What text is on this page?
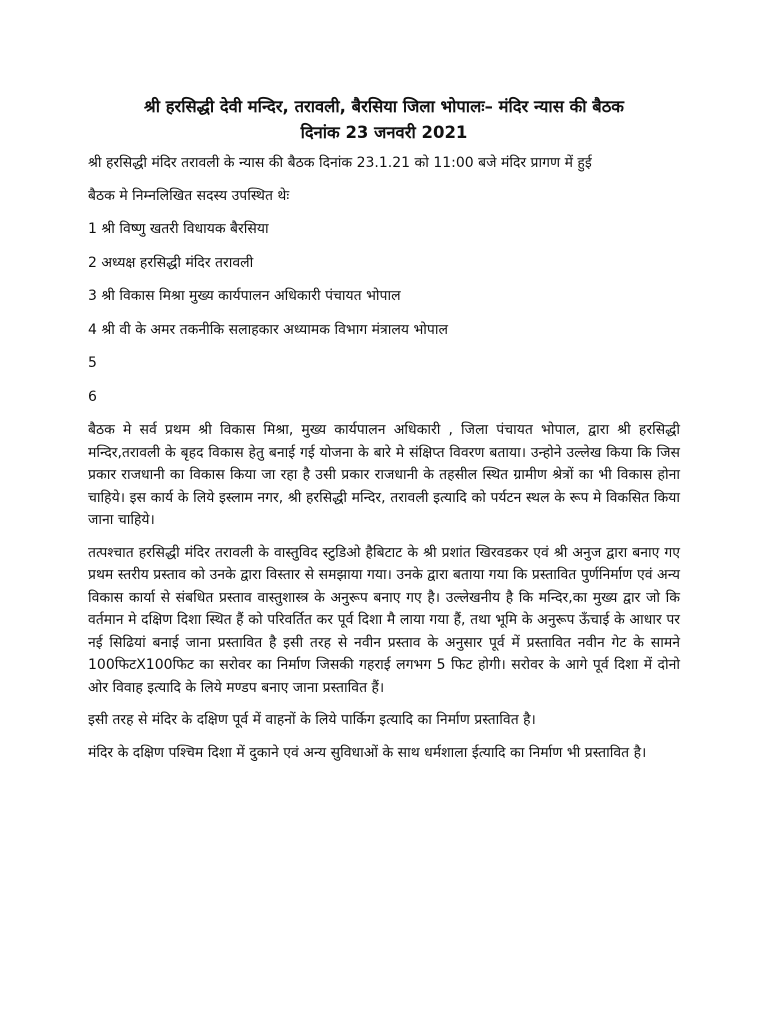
श्री हरसिद्धी देवी मन्दिर, तरावली, बैरसिया जिला भोपालः– मंदिर न्यास की बैठक
दिनांक 23 जनवरी 2021

श्री हरसिद्धी मंदिर तरावली के न्यास की बैठक दिनांक 23.1.21 को 11:00 बजे मंदिर प्रागण में हुई

बैठक मे निम्नलिखित सदस्य उपस्थित थेः

1 श्री विष्णु खतरी विधायक बैरसिया

2 अध्यक्ष हरसिद्धी मंदिर तरावली

3 श्री विकास मिश्रा मुख्य कार्यपालन अधिकारी पंचायत भोपाल

4 श्री वी के अमर तकनीकि सलाहकार अध्यामक विभाग मंत्रालय भोपाल

5

6

बैठक मे सर्व प्रथम श्री विकास मिश्रा, मुख्य कार्यपालन अधिकारी , जिला पंचायत भोपाल, द्वारा श्री हरसिद्धी मन्दिर,तरावली के बृहद विकास हेतु बनाई गई योजना के बारे मे संक्षिप्त विवरण बताया। उन्होने उल्लेख किया कि जिस प्रकार राजधानी का विकास किया जा रहा है उसी प्रकार राजधानी के तहसील स्थित ग्रामीण श्रेत्रों का भी विकास होना चाहिये। इस कार्य के लिये इस्लाम नगर, श्री हरसिद्धी मन्दिर, तरावली इत्यादि को पर्यटन स्थल के रूप मे विकसित किया जाना चाहिये।

तत्पश्चात हरसिद्धी मंदिर तरावली के वास्तुविद स्टुडिओ हैबिटाट के श्री प्रशांत खिरवडकर एवं श्री अनुज द्वारा बनाए गए प्रथम स्तरीय प्रस्ताव को उनके द्वारा विस्तार से समझाया गया। उनके द्वारा बताया गया कि प्रस्तावित पुर्णनिर्माण एवं अन्य विकास कार्या से संबधित प्रस्ताव वास्तुशास्त्र के अनुरूप बनाए गए है। उल्लेखनीय है कि मन्दिर,का मुख्य द्वार जो कि वर्तमान मे दक्षिण दिशा स्थित हैं को परिवर्तित कर पूर्व दिशा मै लाया गया हैं, तथा भूमि के अनुरूप ऊँचाई के आधार पर नई सिढियां बनाई जाना प्रस्तावित है इसी तरह से नवीन प्रस्ताव के अनुसार पूर्व में प्रस्तावित नवीन गेट के सामने 100फिटX100फिट का सरोवर का निर्माण जिसकी गहराई लगभग 5 फिट होगी। सरोवर के आगे पूर्व दिशा में दोनो ओर विवाह इत्यादि के लिये मण्डप बनाए जाना प्रस्तावित हैं।

इसी तरह से मंदिर के दक्षिण पूर्व में वाहनों के लिये पार्किग इत्यादि का निर्माण प्रस्तावित है।

मंदिर के दक्षिण पश्चिम दिशा में दुकाने एवं अन्य सुविधाओं के साथ धर्मशाला ईत्यादि का निर्माण भी प्रस्तावित है।
